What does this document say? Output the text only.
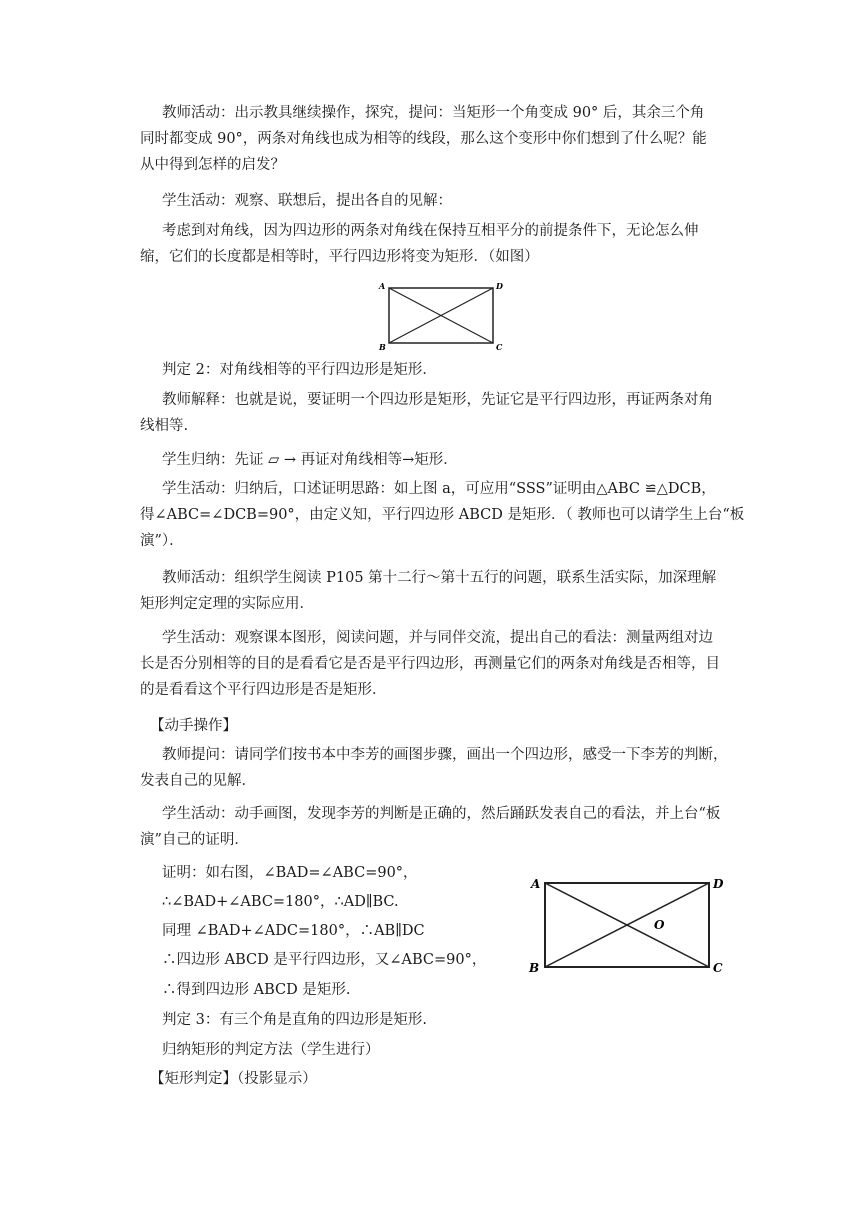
教师活动：出示教具继续操作，探究，提问：当矩形一个角变成 90° 后，其余三个角
同时都变成 90°，两条对角线也成为相等的线段，那么这个变形中你们想到了什么呢？能
从中得到怎样的启发？
学生活动：观察、联想后，提出各自的见解：
考虑到对角线，因为四边形的两条对角线在保持互相平分的前提条件下，无论怎么伸
缩，它们的长度都是相等时，平行四边形将变为矩形．（如图）
A	D
B	C
判定 2：对角线相等的平行四边形是矩形．
教师解释：也就是说，要证明一个四边形是矩形，先证它是平行四边形，再证两条对角
线相等.
学生归纳：先证 ▱ → 再证对角线相等→矩形．
学生活动：归纳后，口述证明思路：如上图 a，可应用“SSS”证明由△ABC ≌△DCB，
得∠ABC=∠DCB=90°，由定义知，平行四边形 ABCD 是矩形．（ 教师也可以请学生上台“板
演”）．
教师活动：组织学生阅读 P105 第十二行～第十五行的问题，联系生活实际，加深理解
矩形判定定理的实际应用．
学生活动：观察课本图形，阅读问题，并与同伴交流，提出自己的看法：测量两组对边
长是否分别相等的目的是看看它是否是平行四边形，再测量它们的两条对角线是否相等，目
的是看看这个平行四边形是否是矩形．
【动手操作】
教师提问：请同学们按书本中李芳的画图步骤，画出一个四边形，感受一下李芳的判断，
发表自己的见解．
学生活动：动手画图，发现李芳的判断是正确的，然后踊跃发表自己的看法，并上台“板
演”自己的证明．
证明：如右图，∠BAD=∠ABC=90°，
∴∠BAD+∠ABC=180°，∴AD∥BC.
同理 ∠BAD+∠ADC=180°，∴AB∥DC
∴四边形 ABCD 是平行四边形，又∠ABC=90°，
∴得到四边形 ABCD 是矩形.
A	D
B	C
O
判定 3：有三个角是直角的四边形是矩形.
归纳矩形的判定方法（学生进行）
【矩形判定】（投影显示）
